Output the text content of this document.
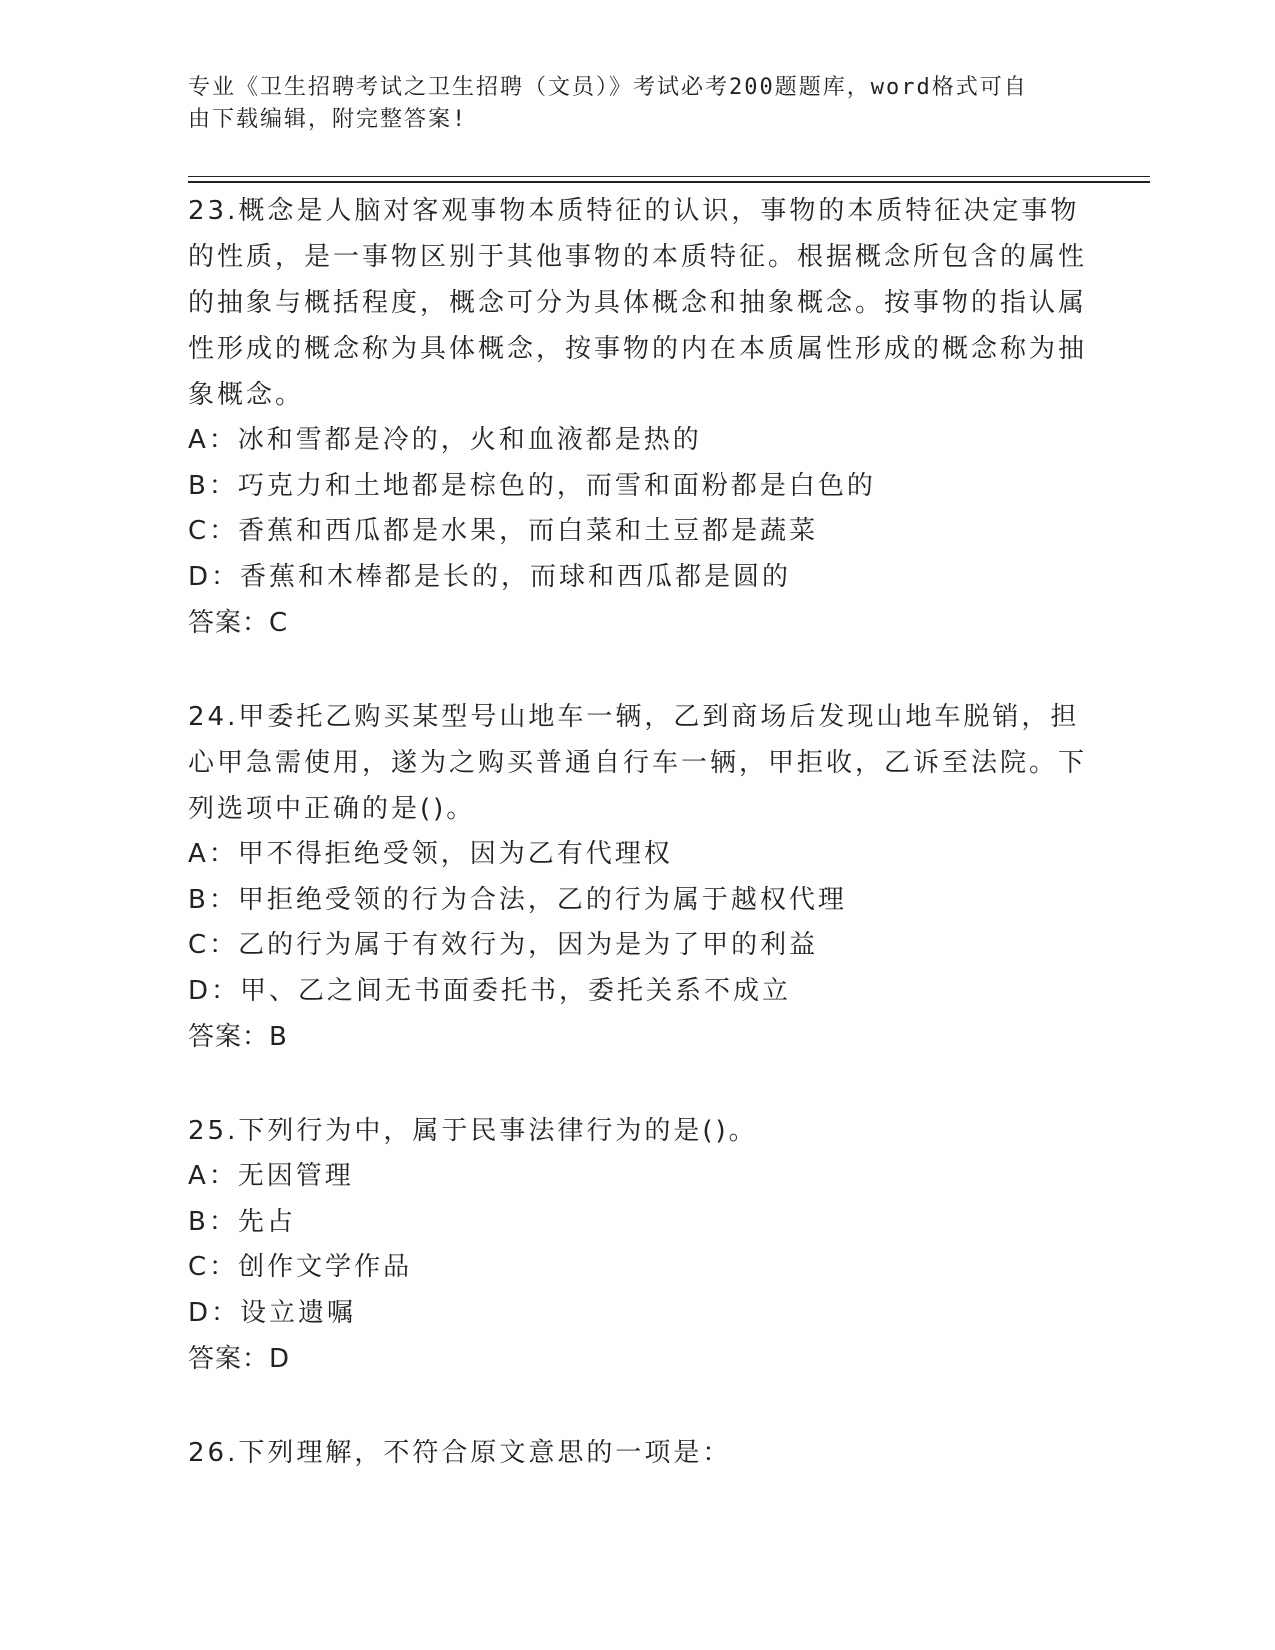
专业《卫生招聘考试之卫生招聘（文员）》考试必考200题题库，word格式可自
由下载编辑，附完整答案!

23.概念是人脑对客观事物本质特征的认识，事物的本质特征决定事物的性质，是一事物区别于其他事物的本质特征。根据概念所包含的属性的抽象与概括程度，概念可分为具体概念和抽象概念。按事物的指认属性形成的概念称为具体概念，按事物的内在本质属性形成的概念称为抽象概念。

A：冰和雪都是冷的，火和血液都是热的

B：巧克力和土地都是棕色的，而雪和面粉都是白色的

C：香蕉和西瓜都是水果，而白菜和土豆都是蔬菜

D：香蕉和木棒都是长的，而球和西瓜都是圆的

答案：C

24.甲委托乙购买某型号山地车一辆，乙到商场后发现山地车脱销，担心甲急需使用，遂为之购买普通自行车一辆，甲拒收，乙诉至法院。下列选项中正确的是()。

A：甲不得拒绝受领，因为乙有代理权

B：甲拒绝受领的行为合法，乙的行为属于越权代理

C：乙的行为属于有效行为，因为是为了甲的利益

D：甲、乙之间无书面委托书，委托关系不成立

答案：B

25.下列行为中，属于民事法律行为的是()。

A：无因管理

B：先占

C：创作文学作品

D：设立遗嘱

答案：D

26.下列理解，不符合原文意思的一项是：
